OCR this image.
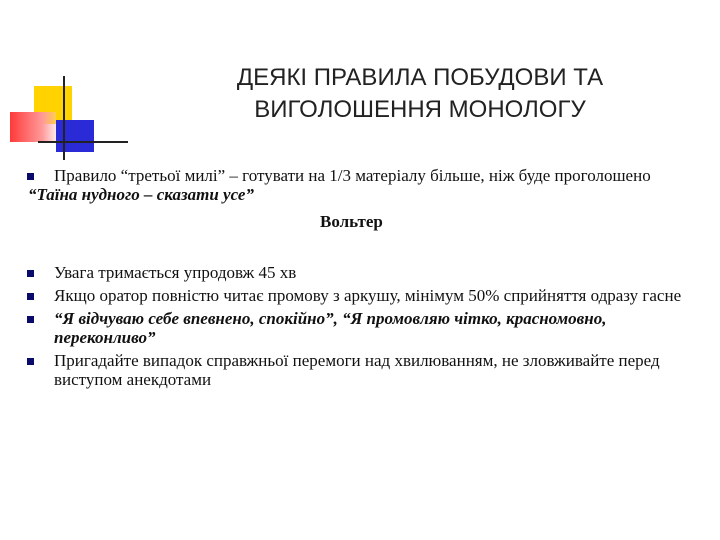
ДЕЯКІ ПРАВИЛА ПОБУДОВИ ТА
ВИГОЛОШЕННЯ МОНОЛОГУ
Правило “третьої милі” – готувати на 1/3 матеріалу більше, ніж буде проголошено
“Таїна нудного – сказати усе”
Вольтер
Увага тримається упродовж 45 хв
Якщо оратор повністю читає промову з аркушу, мінімум 50% сприйняття одразу гасне
“Я відчуваю себе впевнено, спокійно”, “Я промовляю чітко, красномовно, переконливо”
Пригадайте випадок справжньої перемоги над хвилюванням, не зловживайте перед виступом анекдотами
